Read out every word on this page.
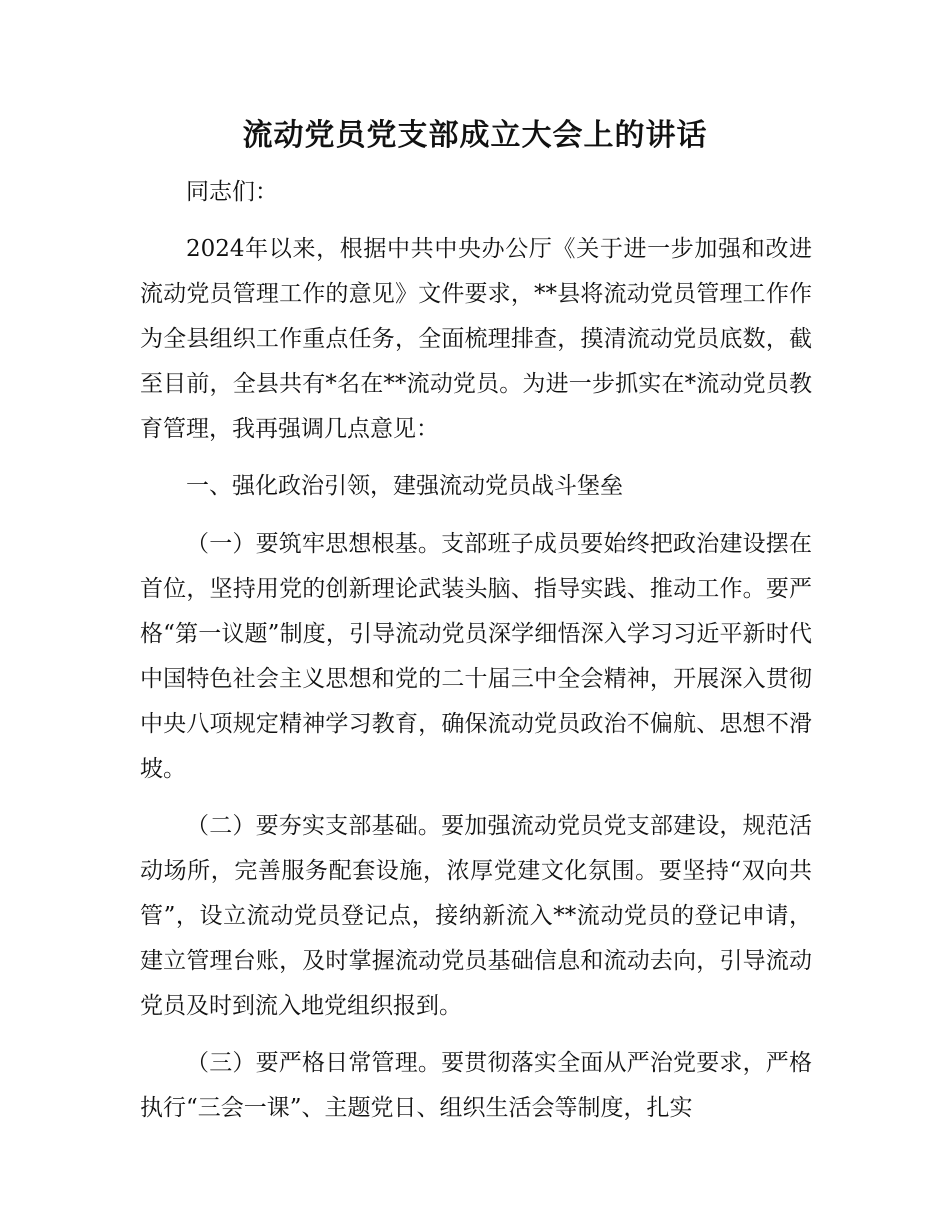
流动党员党支部成立大会上的讲话

同志们：

2024年以来，根据中共中央办公厅《关于进一步加强和改进流动党员管理工作的意见》文件要求，**县将流动党员管理工作作为全县组织工作重点任务，全面梳理排查，摸清流动党员底数，截至目前，全县共有*名在**流动党员。为进一步抓实在*流动党员教育管理，我再强调几点意见：

一、强化政治引领，建强流动党员战斗堡垒

（一）要筑牢思想根基。支部班子成员要始终把政治建设摆在首位，坚持用党的创新理论武装头脑、指导实践、推动工作。要严格“第一议题”制度，引导流动党员深学细悟深入学习习近平新时代中国特色社会主义思想和党的二十届三中全会精神，开展深入贯彻中央八项规定精神学习教育，确保流动党员政治不偏航、思想不滑坡。

（二）要夯实支部基础。要加强流动党员党支部建设，规范活动场所，完善服务配套设施，浓厚党建文化氛围。要坚持“双向共管”，设立流动党员登记点，接纳新流入**流动党员的登记申请，建立管理台账，及时掌握流动党员基础信息和流动去向，引导流动党员及时到流入地党组织报到。

（三）要严格日常管理。要贯彻落实全面从严治党要求，严格执行“三会一课”、主题党日、组织生活会等制度，扎实
